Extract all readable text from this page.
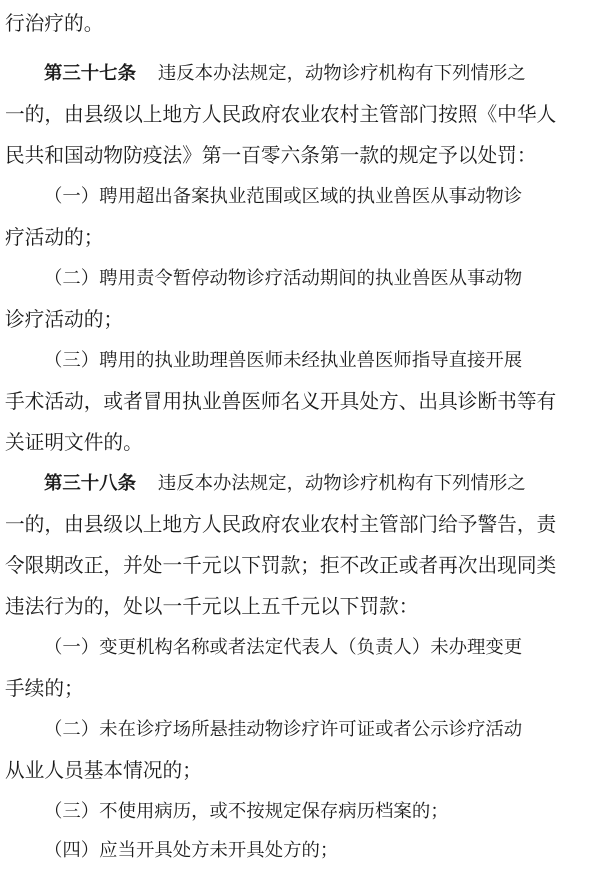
行治疗的。
第三十七条 违反本办法规定，动物诊疗机构有下列情形之
一的，由县级以上地方人民政府农业农村主管部门按照《中华人
民共和国动物防疫法》第一百零六条第一款的规定予以处罚：
（一）聘用超出备案执业范围或区域的执业兽医从事动物诊
疗活动的；
（二）聘用责令暂停动物诊疗活动期间的执业兽医从事动物
诊疗活动的；
（三）聘用的执业助理兽医师未经执业兽医师指导直接开展
手术活动，或者冒用执业兽医师名义开具处方、出具诊断书等有
关证明文件的。
第三十八条 违反本办法规定，动物诊疗机构有下列情形之
一的，由县级以上地方人民政府农业农村主管部门给予警告，责
令限期改正，并处一千元以下罚款；拒不改正或者再次出现同类
违法行为的，处以一千元以上五千元以下罚款：
（一）变更机构名称或者法定代表人（负责人）未办理变更
手续的；
（二）未在诊疗场所悬挂动物诊疗许可证或者公示诊疗活动
从业人员基本情况的；
（三）不使用病历，或不按规定保存病历档案的；
（四）应当开具处方未开具处方的；
